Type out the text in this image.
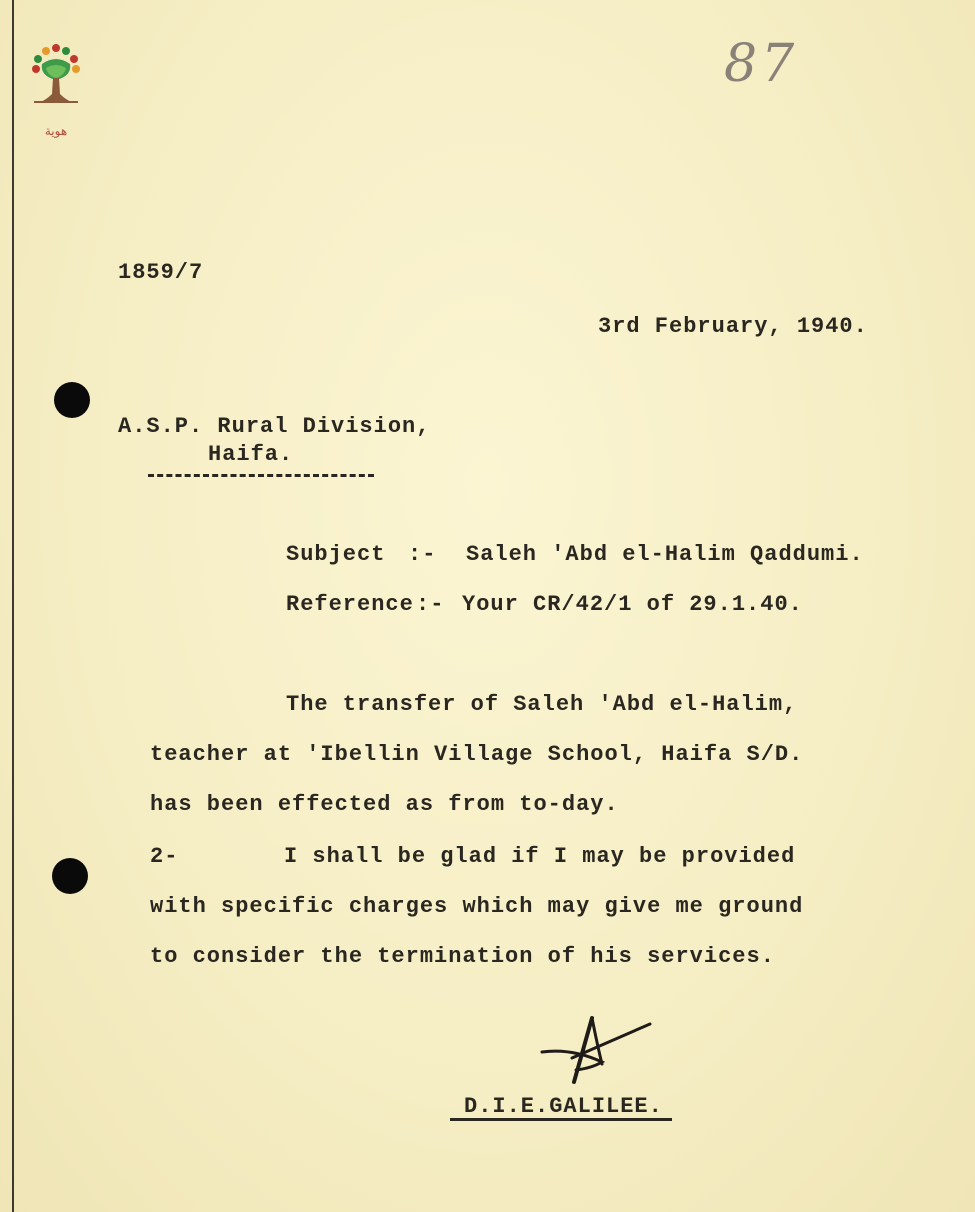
هوية
87
1859/7
3rd February, 1940.
A.S.P. Rural Division,
Haifa.
Subject :- Saleh 'Abd el-Halim Qaddumi.
Reference :- Your CR/42/1 of 29.1.40.
The transfer of Saleh 'Abd el-Halim,
teacher at 'Ibellin Village School, Haifa S/D.
has been effected as from to-day.
2-	I shall be glad if I may be provided
with specific charges which may give me ground
to consider the termination of his services.
D.I.E.GALILEE.
